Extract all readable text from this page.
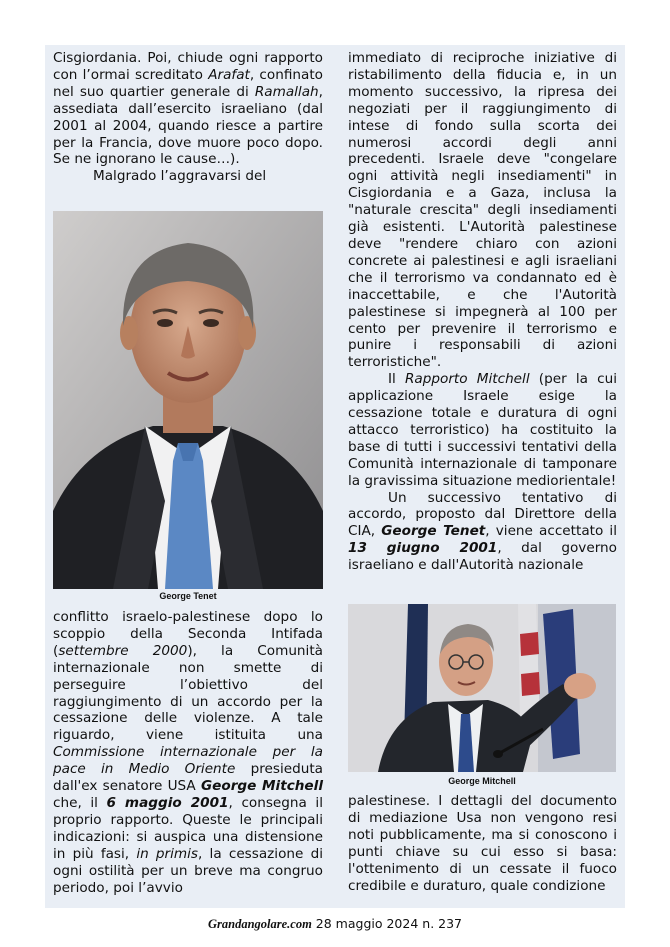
Cisgiordania. Poi, chiude ogni rapporto con l’ormai screditato Arafat, confinato nel suo quartier generale di Ramallah, assediata dall’esercito israeliano (dal 2001 al 2004, quando riesce a partire per la Francia, dove muore poco dopo. Se ne ignorano le cause…).

Malgrado l’aggravarsi del

George Tenet

conflitto israelo-palestinese dopo lo scoppio della Seconda Intifada (settembre 2000), la Comunità internazionale non smette di perseguire l’obiettivo del raggiungimento di un accordo per la cessazione delle violenze. A tale riguardo, viene istituita una Commissione internazionale per la pace in Medio Oriente presieduta dall'ex senatore USA George Mitchell che, il 6 maggio 2001, consegna il proprio rapporto. Queste le principali indicazioni: si auspica una distensione in più fasi, in primis, la cessazione di ogni ostilità per un breve ma congruo periodo, poi l’avvio

immediato di reciproche iniziative di ristabilimento della fiducia e, in un momento successivo, la ripresa dei negoziati per il raggiungimento di intese di fondo sulla scorta dei numerosi accordi degli anni precedenti. Israele deve "congelare ogni attività negli insediamenti" in Cisgiordania e a Gaza, inclusa la "naturale crescita" degli insediamenti già esistenti. L'Autorità palestinese deve "rendere chiaro con azioni concrete ai palestinesi e agli israeliani che il terrorismo va condannato ed è inaccettabile, e che l'Autorità palestinese si impegnerà al 100 per cento per prevenire il terrorismo e punire i responsabili di azioni terroristiche".

Il Rapporto Mitchell (per la cui applicazione Israele esige la cessazione totale e duratura di ogni attacco terroristico) ha costituito la base di tutti i successivi tentativi della Comunità internazionale di tamponare la gravissima situazione mediorientale!

Un successivo tentativo di accordo, proposto dal Direttore della CIA, George Tenet, viene accettato il 13 giugno 2001, dal governo israeliano e dall'Autorità nazionale

George Mitchell

palestinese. I dettagli del documento di mediazione Usa non vengono resi noti pubblicamente, ma si conoscono i punti chiave su cui esso si basa: l'ottenimento di un cessate il fuoco credibile e duraturo, quale condizione

Grandangolare.com 28 maggio 2024 n. 237
